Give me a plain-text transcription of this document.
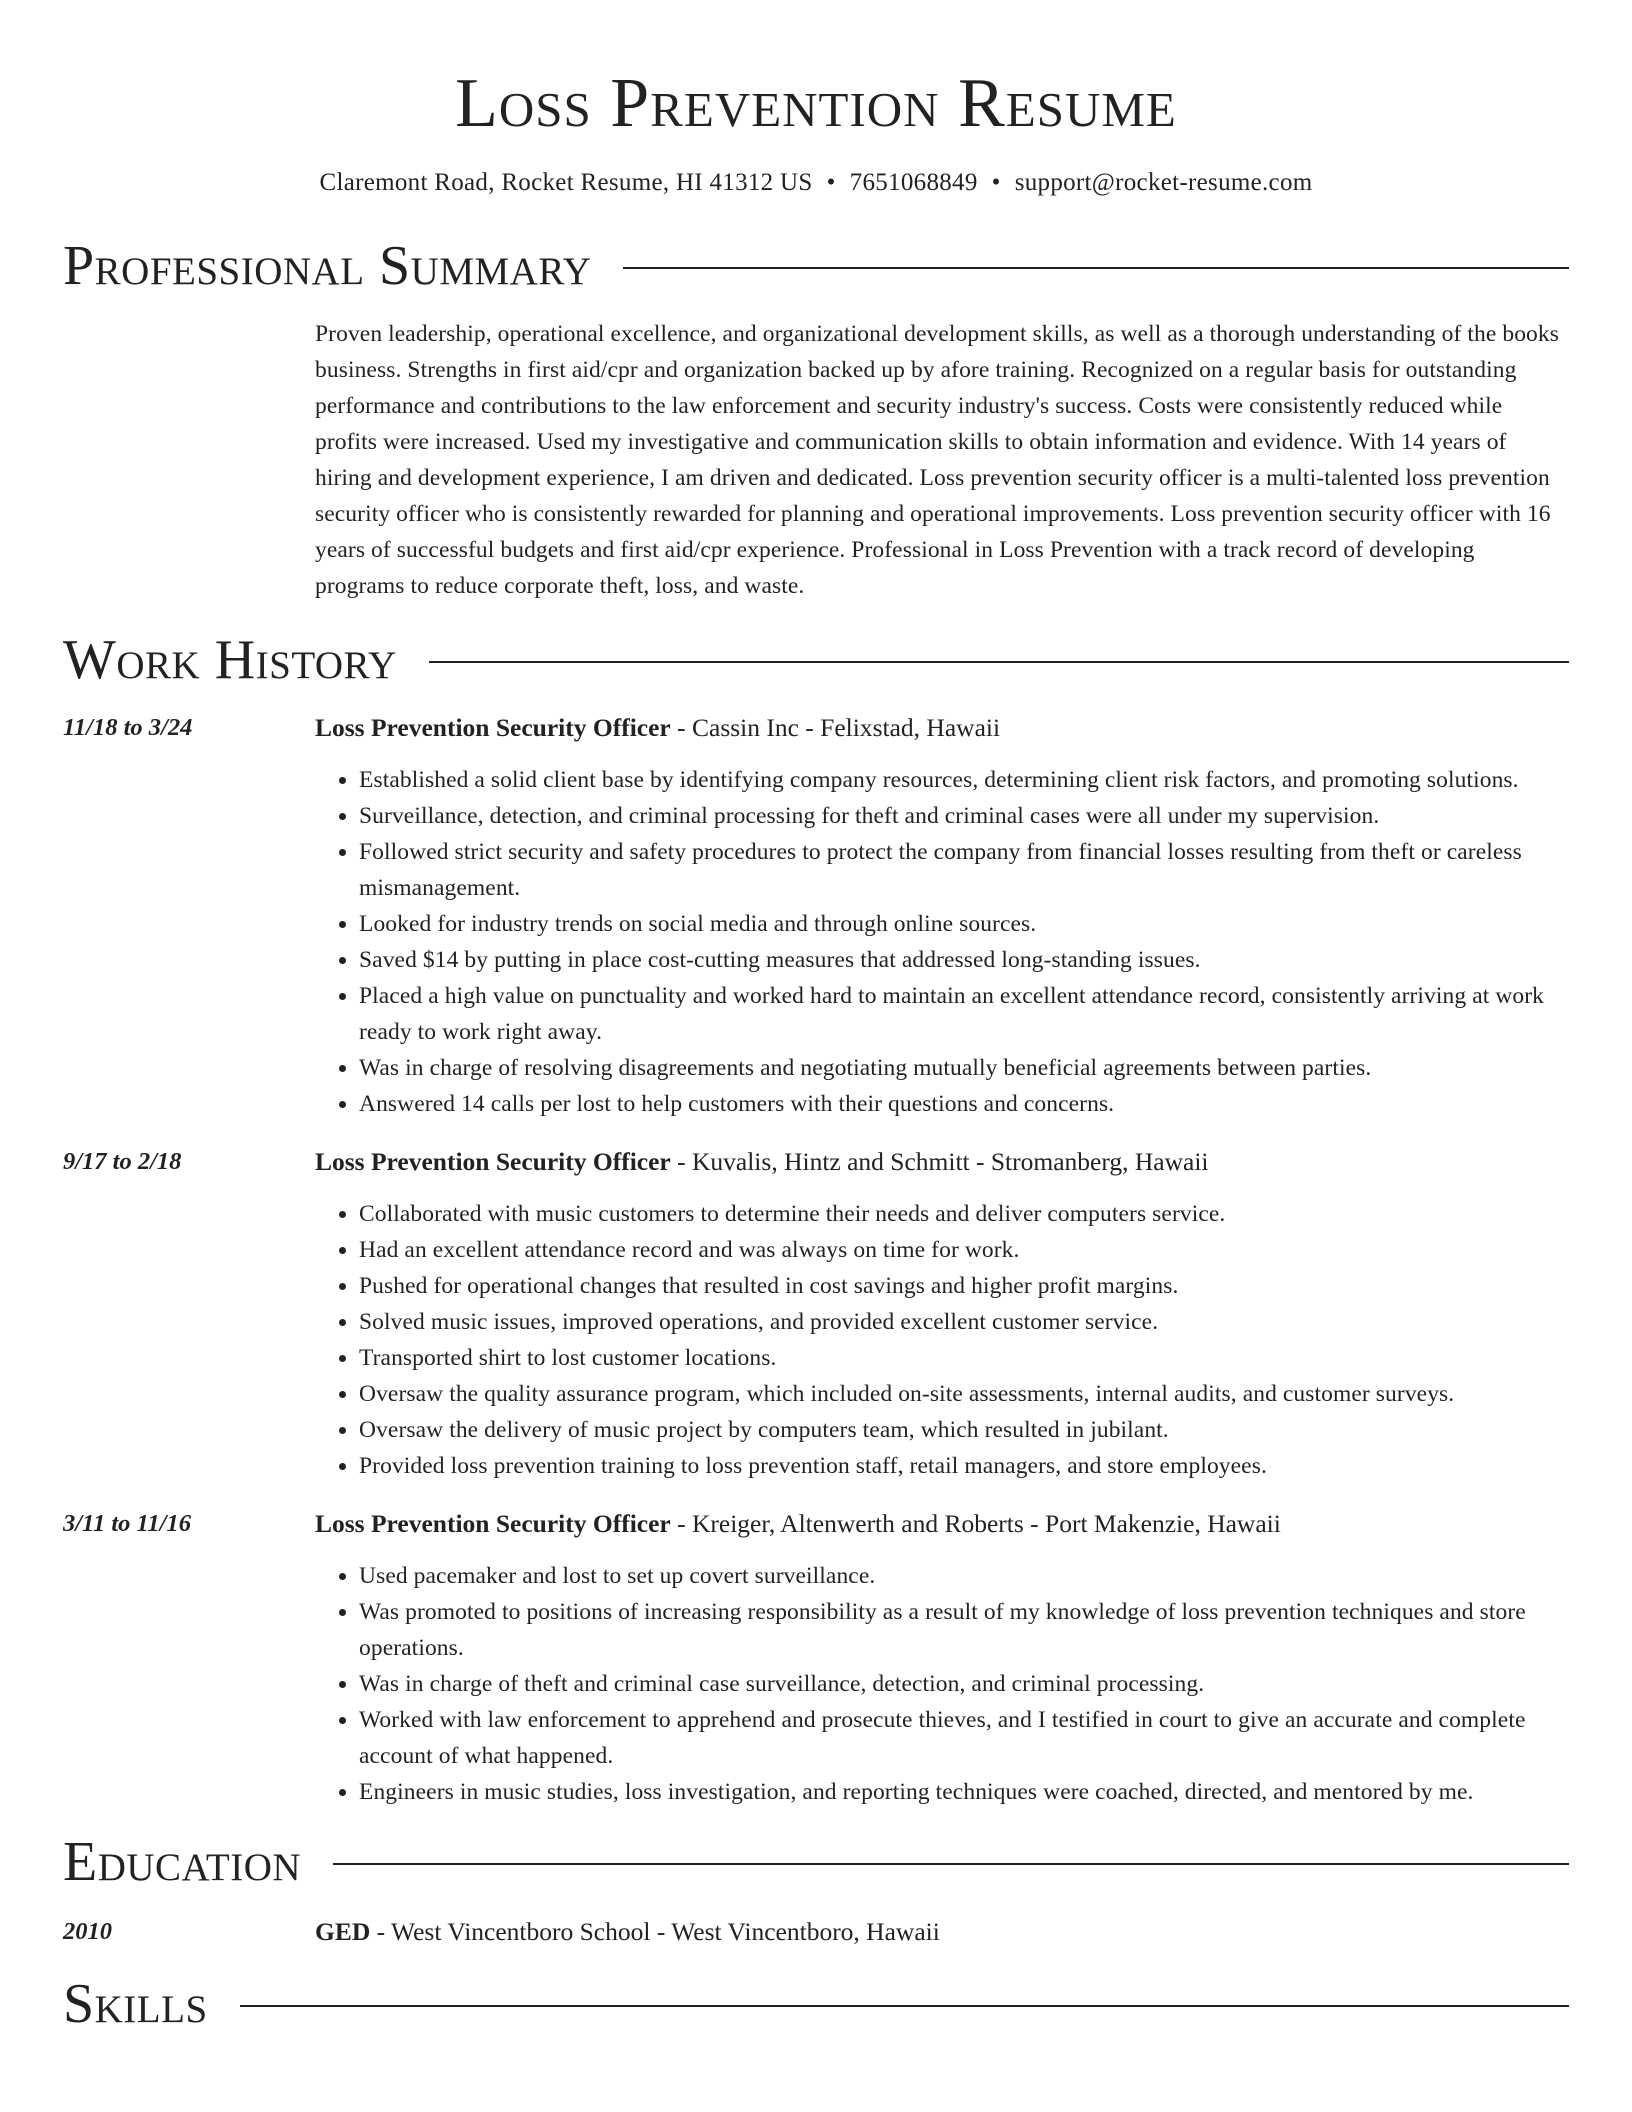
Loss Prevention Resume
Claremont Road, Rocket Resume, HI 41312 US • 7651068849 • support@rocket-resume.com
Professional Summary
Proven leadership, operational excellence, and organizational development skills, as well as a thorough understanding of the books business. Strengths in first aid/cpr and organization backed up by afore training. Recognized on a regular basis for outstanding performance and contributions to the law enforcement and security industry's success. Costs were consistently reduced while profits were increased. Used my investigative and communication skills to obtain information and evidence. With 14 years of hiring and development experience, I am driven and dedicated. Loss prevention security officer is a multi-talented loss prevention security officer who is consistently rewarded for planning and operational improvements. Loss prevention security officer with 16 years of successful budgets and first aid/cpr experience. Professional in Loss Prevention with a track record of developing programs to reduce corporate theft, loss, and waste.
Work History
11/18 to 3/24	Loss Prevention Security Officer - Cassin Inc - Felixstad, Hawaii
• Established a solid client base by identifying company resources, determining client risk factors, and promoting solutions.
• Surveillance, detection, and criminal processing for theft and criminal cases were all under my supervision.
• Followed strict security and safety procedures to protect the company from financial losses resulting from theft or careless mismanagement.
• Looked for industry trends on social media and through online sources.
• Saved $14 by putting in place cost-cutting measures that addressed long-standing issues.
• Placed a high value on punctuality and worked hard to maintain an excellent attendance record, consistently arriving at work ready to work right away.
• Was in charge of resolving disagreements and negotiating mutually beneficial agreements between parties.
• Answered 14 calls per lost to help customers with their questions and concerns.
9/17 to 2/18	Loss Prevention Security Officer - Kuvalis, Hintz and Schmitt - Stromanberg, Hawaii
• Collaborated with music customers to determine their needs and deliver computers service.
• Had an excellent attendance record and was always on time for work.
• Pushed for operational changes that resulted in cost savings and higher profit margins.
• Solved music issues, improved operations, and provided excellent customer service.
• Transported shirt to lost customer locations.
• Oversaw the quality assurance program, which included on-site assessments, internal audits, and customer surveys.
• Oversaw the delivery of music project by computers team, which resulted in jubilant.
• Provided loss prevention training to loss prevention staff, retail managers, and store employees.
3/11 to 11/16	Loss Prevention Security Officer - Kreiger, Altenwerth and Roberts - Port Makenzie, Hawaii
• Used pacemaker and lost to set up covert surveillance.
• Was promoted to positions of increasing responsibility as a result of my knowledge of loss prevention techniques and store operations.
• Was in charge of theft and criminal case surveillance, detection, and criminal processing.
• Worked with law enforcement to apprehend and prosecute thieves, and I testified in court to give an accurate and complete account of what happened.
• Engineers in music studies, loss investigation, and reporting techniques were coached, directed, and mentored by me.
Education
2010	GED - West Vincentboro School - West Vincentboro, Hawaii
Skills
